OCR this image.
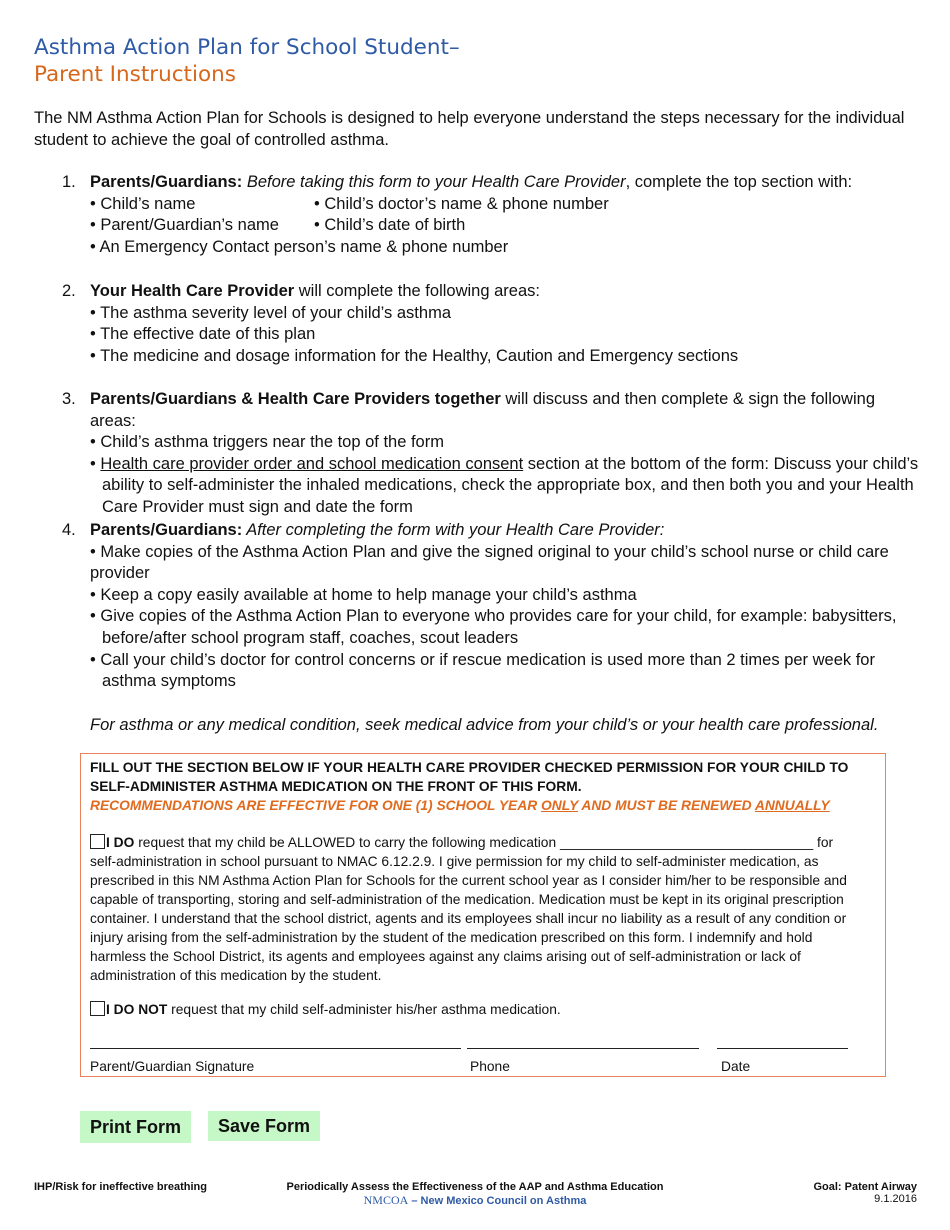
Asthma Action Plan for School Student–
Parent Instructions
The NM Asthma Action Plan for Schools is designed to help everyone understand the steps necessary for the individual student to achieve the goal of controlled asthma.
1. Parents/Guardians: Before taking this form to your Health Care Provider, complete the top section with:
• Child’s name	• Child’s doctor’s name & phone number
• Parent/Guardian’s name	• Child’s date of birth
• An Emergency Contact person’s name & phone number
2. Your Health Care Provider will complete the following areas:
• The asthma severity level of your child’s asthma
• The effective date of this plan
• The medicine and dosage information for the Healthy, Caution and Emergency sections
3. Parents/Guardians & Health Care Providers together will discuss and then complete & sign the following areas:
• Child’s asthma triggers near the top of the form
• Health care provider order and school medication consent section at the bottom of the form: Discuss your child’s ability to self-administer the inhaled medications, check the appropriate box, and then both you and your Health Care Provider must sign and date the form
4. Parents/Guardians: After completing the form with your Health Care Provider:
• Make copies of the Asthma Action Plan and give the signed original to your child’s school nurse or child care
provider
• Keep a copy easily available at home to help manage your child’s asthma
• Give copies of the Asthma Action Plan to everyone who provides care for your child, for example: babysitters, before/after school program staff, coaches, scout leaders
• Call your child’s doctor for control concerns or if rescue medication is used more than 2 times per week for asthma symptoms
For asthma or any medical condition, seek medical advice from your child’s or your health care professional.
FILL OUT THE SECTION BELOW IF YOUR HEALTH CARE PROVIDER CHECKED PERMISSION FOR YOUR CHILD TO
SELF-ADMINISTER ASTHMA MEDICATION ON THE FRONT OF THIS FORM.
RECOMMENDATIONS ARE EFFECTIVE FOR ONE (1) SCHOOL YEAR ONLY AND MUST BE RENEWED ANNUALLY
I DO request that my child be ALLOWED to carry the following medication _________________________________ for
self-administration in school pursuant to NMAC 6.12.2.9. I give permission for my child to self-administer medication, as prescribed in this NM Asthma Action Plan for Schools for the current school year as I consider him/her to be responsible and capable of transporting, storing and self-administration of the medication. Medication must be kept in its original prescription container. I understand that the school district, agents and its employees shall incur no liability as a result of any condition or injury arising from the self-administration by the student of the medication prescribed on this form. I indemnify and hold harmless the School District, its agents and employees against any claims arising out of self-administration or lack of administration of this medication by the student.
I DO NOT request that my child self-administer his/her asthma medication.
Parent/Guardian Signature	Phone	Date
Print Form	Save Form
IHP/Risk for ineffective breathing	Periodically Assess the Effectiveness of the AAP and Asthma Education
NMCOA – New Mexico Council on Asthma
Goal: Patent Airway
9.1.2016
